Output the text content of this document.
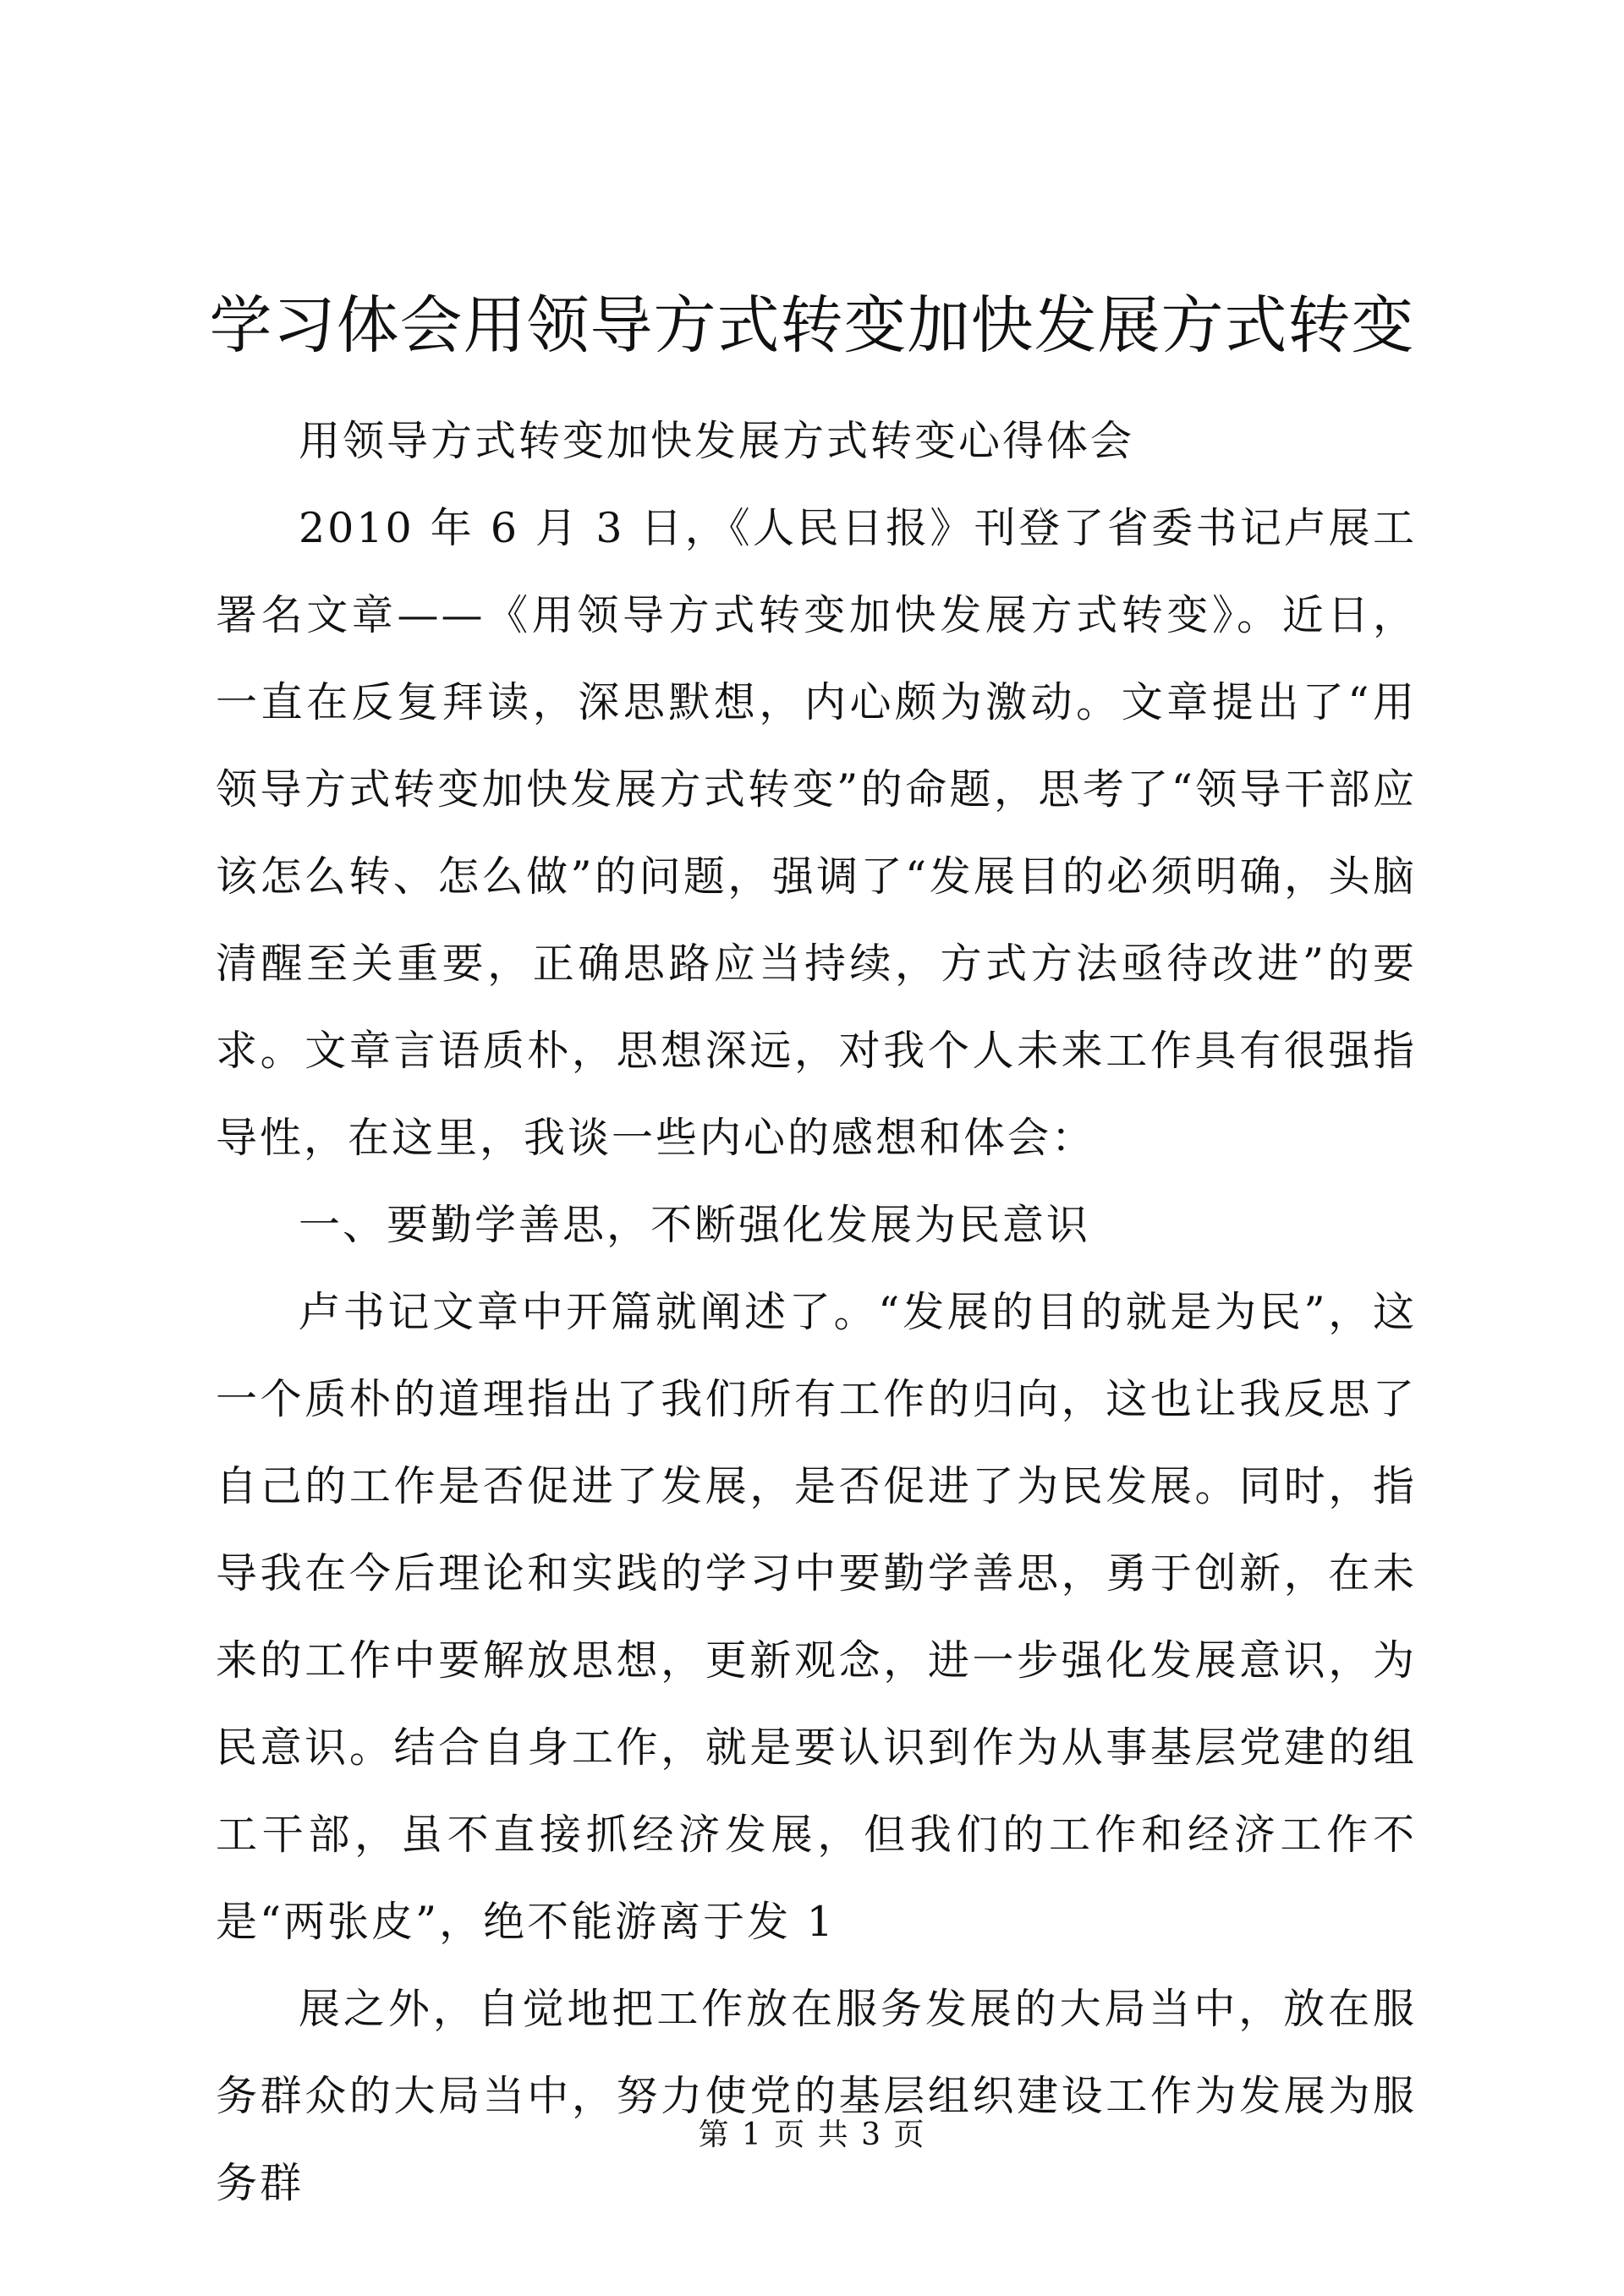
学习体会用领导方式转变加快发展方式转变

用领导方式转变加快发展方式转变心得体会

2010 年 6 月 3 日，《人民日报》刊登了省委书记卢展工署名文章——《用领导方式转变加快发展方式转变》。近日，一直在反复拜读，深思默想，内心颇为激动。文章提出了“用领导方式转变加快发展方式转变”的命题，思考了“领导干部应该怎么转、怎么做”的问题，强调了“发展目的必须明确，头脑清醒至关重要，正确思路应当持续，方式方法亟待改进”的要求。文章言语质朴，思想深远，对我个人未来工作具有很强指导性，在这里，我谈一些内心的感想和体会：

一、要勤学善思，不断强化发展为民意识

卢书记文章中开篇就阐述了。“发展的目的就是为民”，这一个质朴的道理指出了我们所有工作的归向，这也让我反思了自己的工作是否促进了发展，是否促进了为民发展。同时，指导我在今后理论和实践的学习中要勤学善思，勇于创新，在未来的工作中要解放思想，更新观念，进一步强化发展意识，为民意识。结合自身工作，就是要认识到作为从事基层党建的组工干部，虽不直接抓经济发展，但我们的工作和经济工作不是“两张皮”，绝不能游离于发 1

展之外，自觉地把工作放在服务发展的大局当中，放在服务群众的大局当中，努力使党的基层组织建设工作为发展为服务群

第 1 页 共 3 页
